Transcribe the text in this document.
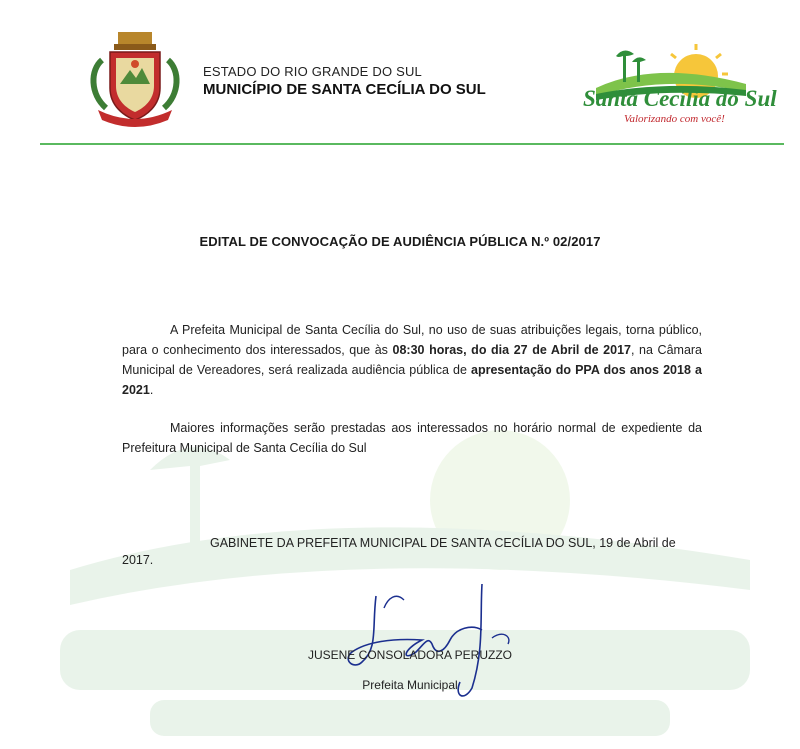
ESTADO DO RIO GRANDE DO SUL
MUNICÍPIO DE SANTA CECÍLIA DO SUL	Santa Cecília do Sul
Valorizando com você!
EDITAL DE CONVOCAÇÃO DE AUDIÊNCIA PÚBLICA N.º 02/2017
A Prefeita Municipal de Santa Cecília do Sul, no uso de suas atribuições legais, torna público, para o conhecimento dos interessados, que às 08:30 horas, do dia 27 de Abril de 2017, na Câmara Municipal de Vereadores, será realizada audiência pública de apresentação do PPA dos anos 2018 a 2021.
Maiores informações serão prestadas aos interessados no horário normal de expediente da Prefeitura Municipal de Santa Cecília do Sul
GABINETE DA PREFEITA MUNICIPAL DE SANTA CECÍLIA DO SUL, 19 de Abril de
2017.
JUSENE CONSOLADORA PERUZZO
Prefeita Municipal
